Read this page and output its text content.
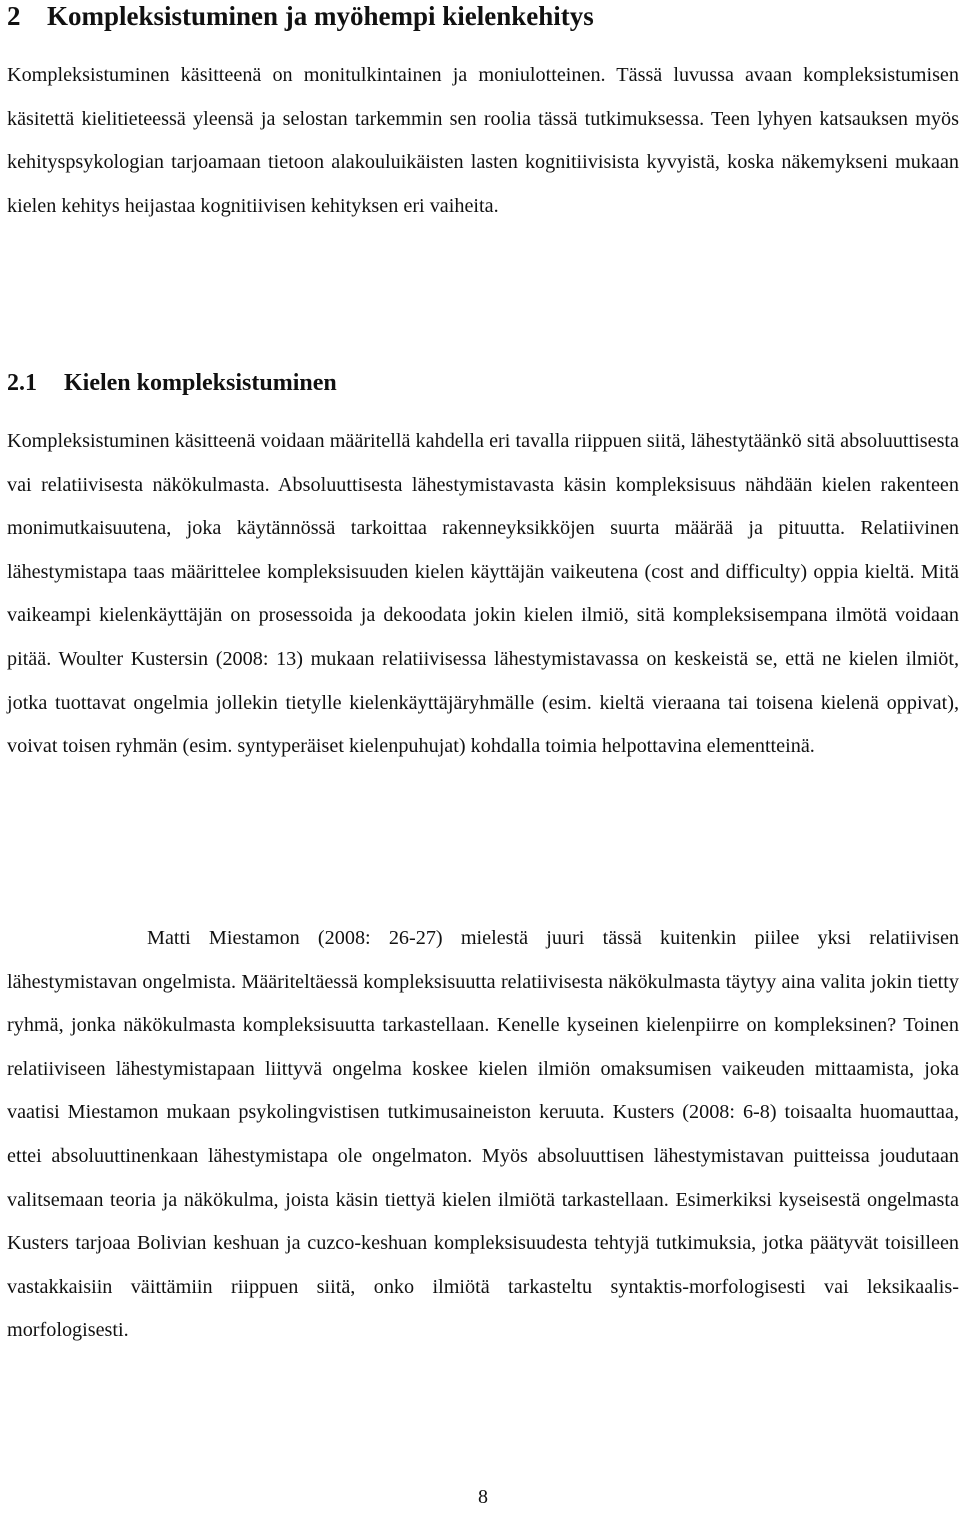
2 Kompleksistuminen ja myöhempi kielenkehitys

Kompleksistuminen käsitteenä on monitulkintainen ja moniulotteinen. Tässä luvussa avaan kompleksistumisen käsitettä kielitieteessä yleensä ja selostan tarkemmin sen roolia tässä tutkimuksessa. Teen lyhyen katsauksen myös kehityspsykologian tarjoamaan tietoon alakouluikäisten lasten kognitiivisista kyvyistä, koska näkemykseni mukaan kielen kehitys heijastaa kognitiivisen kehityksen eri vaiheita.

2.1 Kielen kompleksistuminen

Kompleksistuminen käsitteenä voidaan määritellä kahdella eri tavalla riippuen siitä, lähestytäänkö sitä absoluuttisesta vai relatiivisesta näkökulmasta. Absoluuttisesta lähestymistavasta käsin kompleksisuus nähdään kielen rakenteen monimutkaisuutena, joka käytännössä tarkoittaa rakenneyksikköjen suurta määrää ja pituutta. Relatiivinen lähestymistapa taas määrittelee kompleksisuuden kielen käyttäjän vaikeutena (cost and difficulty) oppia kieltä. Mitä vaikeampi kielenkäyttäjän on prosessoida ja dekoodata jokin kielen ilmiö, sitä kompleksisempana ilmötä voidaan pitää. Woulter Kustersin (2008: 13) mukaan relatiivisessa lähestymistavassa on keskeistä se, että ne kielen ilmiöt, jotka tuottavat ongelmia jollekin tietylle kielenkäyttäjäryhmälle (esim. kieltä vieraana tai toisena kielenä oppivat), voivat toisen ryhmän (esim. syntyperäiset kielenpuhujat) kohdalla toimia helpottavina elementteinä.

Matti Miestamon (2008: 26-27) mielestä juuri tässä kuitenkin piilee yksi relatiivisen lähestymistavan ongelmista. Määriteltäessä kompleksisuutta relatiivisesta näkökulmasta täytyy aina valita jokin tietty ryhmä, jonka näkökulmasta kompleksisuutta tarkastellaan. Kenelle kyseinen kielenpiirre on kompleksinen? Toinen relatiiviseen lähestymistapaan liittyvä ongelma koskee kielen ilmiön omaksumisen vaikeuden mittaamista, joka vaatisi Miestamon mukaan psykolingvistisen tutkimusaineiston keruuta. Kusters (2008: 6-8) toisaalta huomauttaa, ettei absoluuttinenkaan lähestymistapa ole ongelmaton. Myös absoluuttisen lähestymistavan puitteissa joudutaan valitsemaan teoria ja näkökulma, joista käsin tiettyä kielen ilmiötä tarkastellaan. Esimerkiksi kyseisestä ongelmasta Kusters tarjoaa Bolivian keshuan ja cuzco-keshuan kompleksisuudesta tehtyjä tutkimuksia, jotka päätyvät toisilleen vastakkaisiin väittämiin riippuen siitä, onko ilmiötä tarkasteltu syntaktis-morfologisesti vai leksikaalis-morfologisesti.

8
